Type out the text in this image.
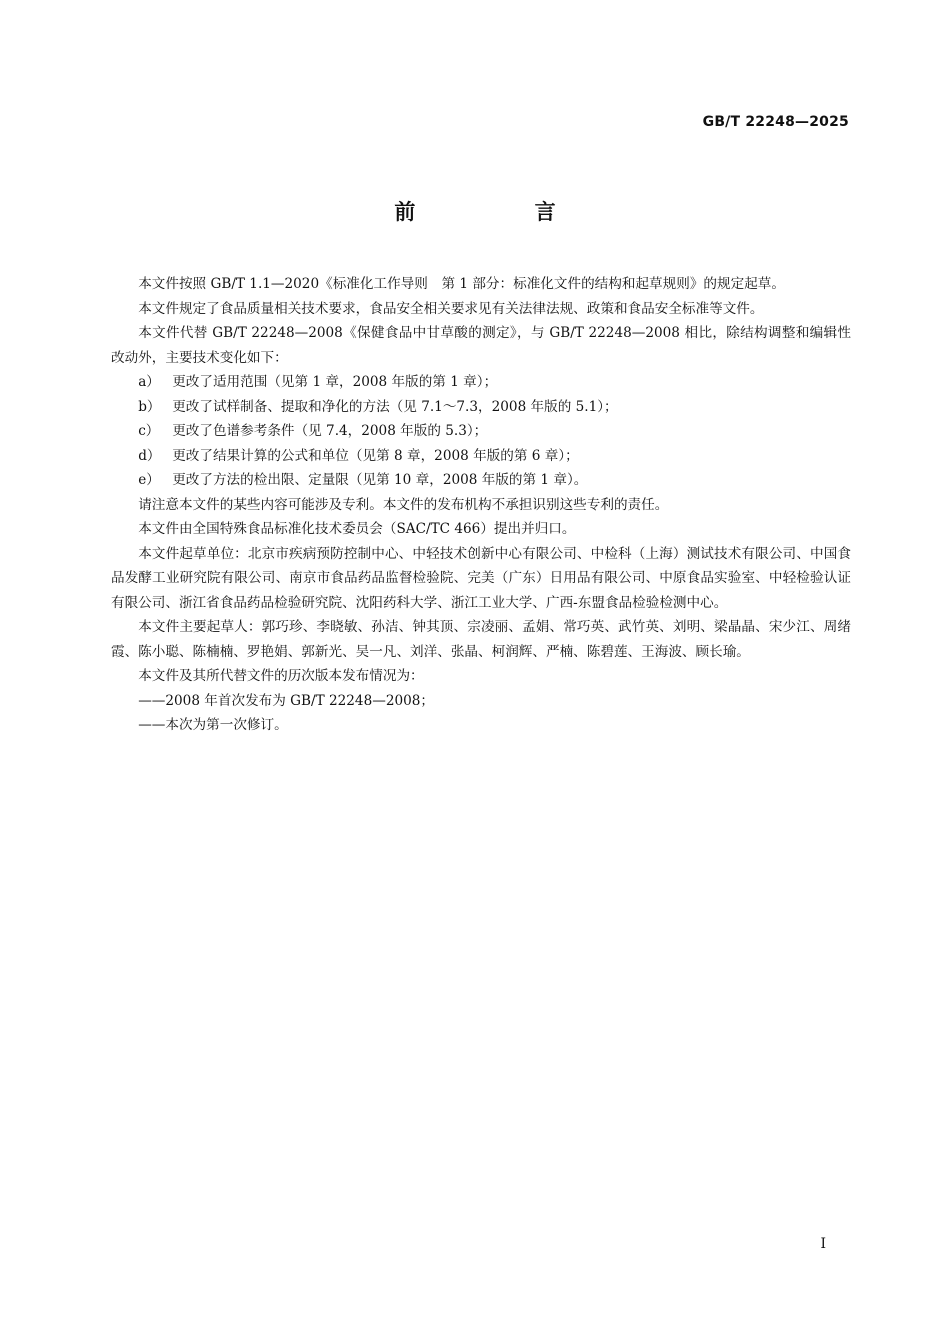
GB/T 22248—2025
前 言

本文件按照 GB/T 1.1—2020《标准化工作导则　第 1 部分：标准化文件的结构和起草规则》的规定起草。

本文件规定了食品质量相关技术要求，食品安全相关要求见有关法律法规、政策和食品安全标准等文件。

本文件代替 GB/T 22248—2008《保健食品中甘草酸的测定》，与 GB/T 22248—2008 相比，除结构调整和编辑性改动外，主要技术变化如下：

a） 更改了适用范围（见第 1 章，2008 年版的第 1 章）；
b） 更改了试样制备、提取和净化的方法（见 7.1～7.3，2008 年版的 5.1）；
c） 更改了色谱参考条件（见 7.4，2008 年版的 5.3）；
d） 更改了结果计算的公式和单位（见第 8 章，2008 年版的第 6 章）；
e） 更改了方法的检出限、定量限（见第 10 章，2008 年版的第 1 章）。

请注意本文件的某些内容可能涉及专利。本文件的发布机构不承担识别这些专利的责任。

本文件由全国特殊食品标准化技术委员会（SAC/TC 466）提出并归口。

本文件起草单位：北京市疾病预防控制中心、中轻技术创新中心有限公司、中检科（上海）测试技术有限公司、中国食品发酵工业研究院有限公司、南京市食品药品监督检验院、完美（广东）日用品有限公司、中原食品实验室、中轻检验认证有限公司、浙江省食品药品检验研究院、沈阳药科大学、浙江工业大学、广西-东盟食品检验检测中心。

本文件主要起草人：郭巧珍、李晓敏、孙洁、钟其顶、宗凌丽、孟娟、常巧英、武竹英、刘明、梁晶晶、宋少江、周绪霞、陈小聪、陈楠楠、罗艳娟、郭新光、吴一凡、刘洋、张晶、柯润辉、严楠、陈碧莲、王海波、顾长瑜。

本文件及其所代替文件的历次版本发布情况为：

——2008 年首次发布为 GB/T 22248—2008；

——本次为第一次修订。

I
